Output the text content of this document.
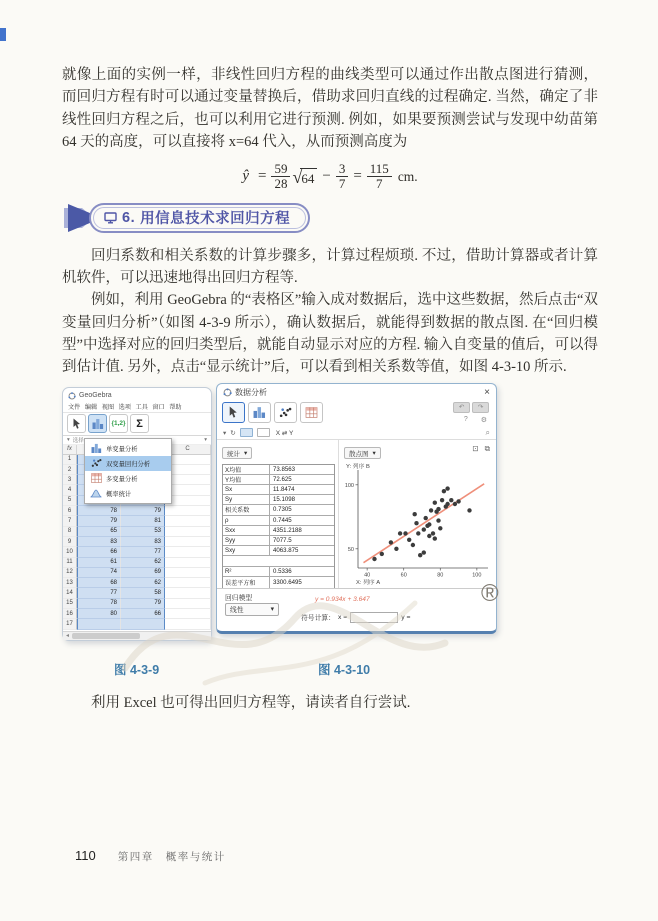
就像上面的实例一样，非线性回归方程的曲线类型可以通过作出散点图进行猜测，而回归方程有时可以通过变量替换后，借助求回归直线的过程确定. 当然，确定了非线性回归方程之后，也可以利用它进行预测. 例如，如果要预测尝试与发现中幼苗第 64 天的高度，可以直接将 x=64 代入，从而预测高度为

ŷ = $\frac{59}{28}$ √ $64 - \frac{3}{7} = \frac{115}{7}$ cm.
6. 用信息技术求回归方程

回归系数和相关系数的计算步骤多，计算过程烦琐. 不过，借助计算器或者计算机软件，可以迅速地得出回归方程等.

例如，利用 GeoGebra 的“表格区”输入成对数据后，选中这些数据，然后点击“双变量回归分析”（如图 4-3-9 所示），确认数据后，就能得到数据的散点图. 在“回归模型”中选择对应的回归类型后，就能自动显示对应的方程. 输入自变量的值后，可以得到估计值. 另外，点击“显示统计”后，可以看到相关系数等值，如图 4-3-10 所示.

GeoGebra
文件 编辑 视图 选项 工具 窗口 帮助
{1,2} Σ
▾ 选择	▾
fx	C
1
2
3
4
5
6	78	79
7	79	81
8	65	53
9	83	83
10	66	77
11	61	62
12	74	69
13	68	62
14	77	58
15	78	79
16	80	66
17
◂
单变量分析
双变量回归分析
多变量分析
概率统计
数据分析	×
↶	↷
? ⚙
▾ ↻	X ⇄ Y	⌕
统计 ▾
X均值	73.8563
Y均值	72.625
Sx	11.8474
Sy	15.1098
相关系数	0.7305
ρ	0.7445
Sxx	4351.2188
Syy	7077.5
Sxy	4063.875
R²	0.5336
误差平方和	3300.6495
散点图 ▾
⊡ ⧉
Y: 列序 B
40	60	80	100
50
100
X: 列序 A
回归模型
线性	▾
y = 0.934x + 3.647
符号计算： x =	y =
图 4-3-9	图 4-3-10

利用 Excel 也可得出回归方程等，请读者自行尝试.

®
110 第四章 概率与统计
